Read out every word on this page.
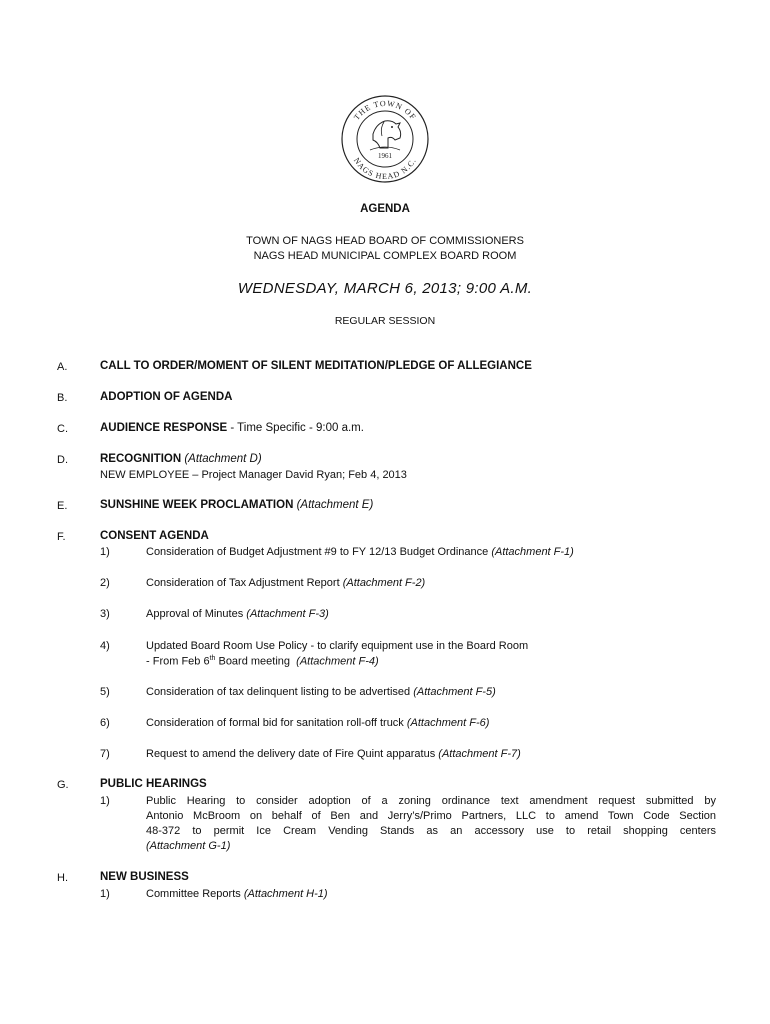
THE TOWN OF
NAGS HEAD N.C.
1961
AGENDA
TOWN OF NAGS HEAD BOARD OF COMMISSIONERS
NAGS HEAD MUNICIPAL COMPLEX BOARD ROOM
WEDNESDAY, MARCH 6, 2013; 9:00 A.M.
REGULAR SESSION
A.	CALL TO ORDER/MOMENT OF SILENT MEDITATION/PLEDGE OF ALLEGIANCE
B.	ADOPTION OF AGENDA
C.	AUDIENCE RESPONSE - Time Specific - 9:00 a.m.
D.	RECOGNITION (Attachment D)
NEW EMPLOYEE – Project Manager David Ryan; Feb 4, 2013
E.	SUNSHINE WEEK PROCLAMATION (Attachment E)
F.	CONSENT AGENDA
1)	Consideration of Budget Adjustment #9 to FY 12/13 Budget Ordinance (Attachment F-1)
2)	Consideration of Tax Adjustment Report (Attachment F-2)
3)	Approval of Minutes (Attachment F-3)
4)	Updated Board Room Use Policy - to clarify equipment use in the Board Room
- From Feb 6th Board meeting (Attachment F-4)
5)	Consideration of tax delinquent listing to be advertised (Attachment F-5)
6)	Consideration of formal bid for sanitation roll-off truck (Attachment F-6)
7)	Request to amend the delivery date of Fire Quint apparatus (Attachment F-7)
G.	PUBLIC HEARINGS
1)	Public Hearing to consider adoption of a zoning ordinance text amendment request submitted by
Antonio McBroom on behalf of Ben and Jerry’s/Primo Partners, LLC to amend Town Code Section
48-372 to permit Ice Cream Vending Stands as an accessory use to retail shopping centers
(Attachment G-1)
H.	NEW BUSINESS
1)	Committee Reports (Attachment H-1)
